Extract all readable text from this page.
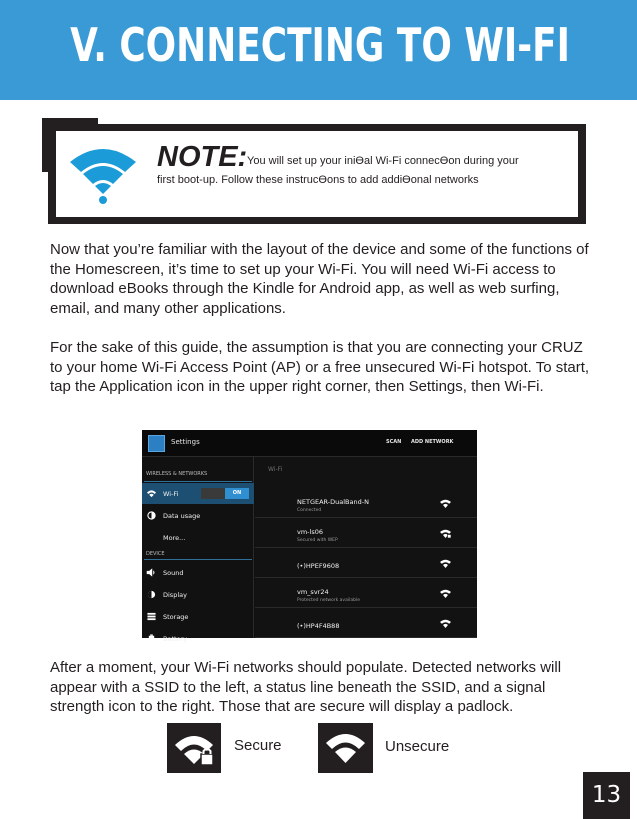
V. CONNECTING TO WI-FI
NOTE: You will set up your iniƟal Wi-Fi connecƟon during your
ﬁrst boot-up. Follow these instrucƟons to add addiƟonal networks

Now that you’re familiar with the layout of the device and some of the functions of the Homescreen, it’s time to set up your Wi-Fi. You will need Wi-Fi access to download eBooks through the Kindle for Android app, as well as web surfing, email, and many other applications.

For the sake of this guide, the assumption is that you are connecting your CRUZ to your home Wi-Fi Access Point (AP) or a free unsecured Wi-Fi hotspot. To start, tap the Application icon in the upper right corner, then Settings, then Wi-Fi.

Settings	SCAN ADD NETWORK
WIRELESS & NETWORKS
Wi-Fi	ON
Data usage
More...
DEVICE
Sound
Display
Storage
Battery
Wi-Fi
NETGEAR-DualBand-N
Connected
vm-ls06
Secured with WEP
(•)HPEF9608
vm_svr24
Protected network available
(•)HP4F4B88

After a moment, your Wi-Fi networks should populate. Detected networks will appear with a SSID to the left, a status line beneath the SSID, and a signal strength icon to the right. Those that are secure will display a padlock.

Secure	Unsecure
13
